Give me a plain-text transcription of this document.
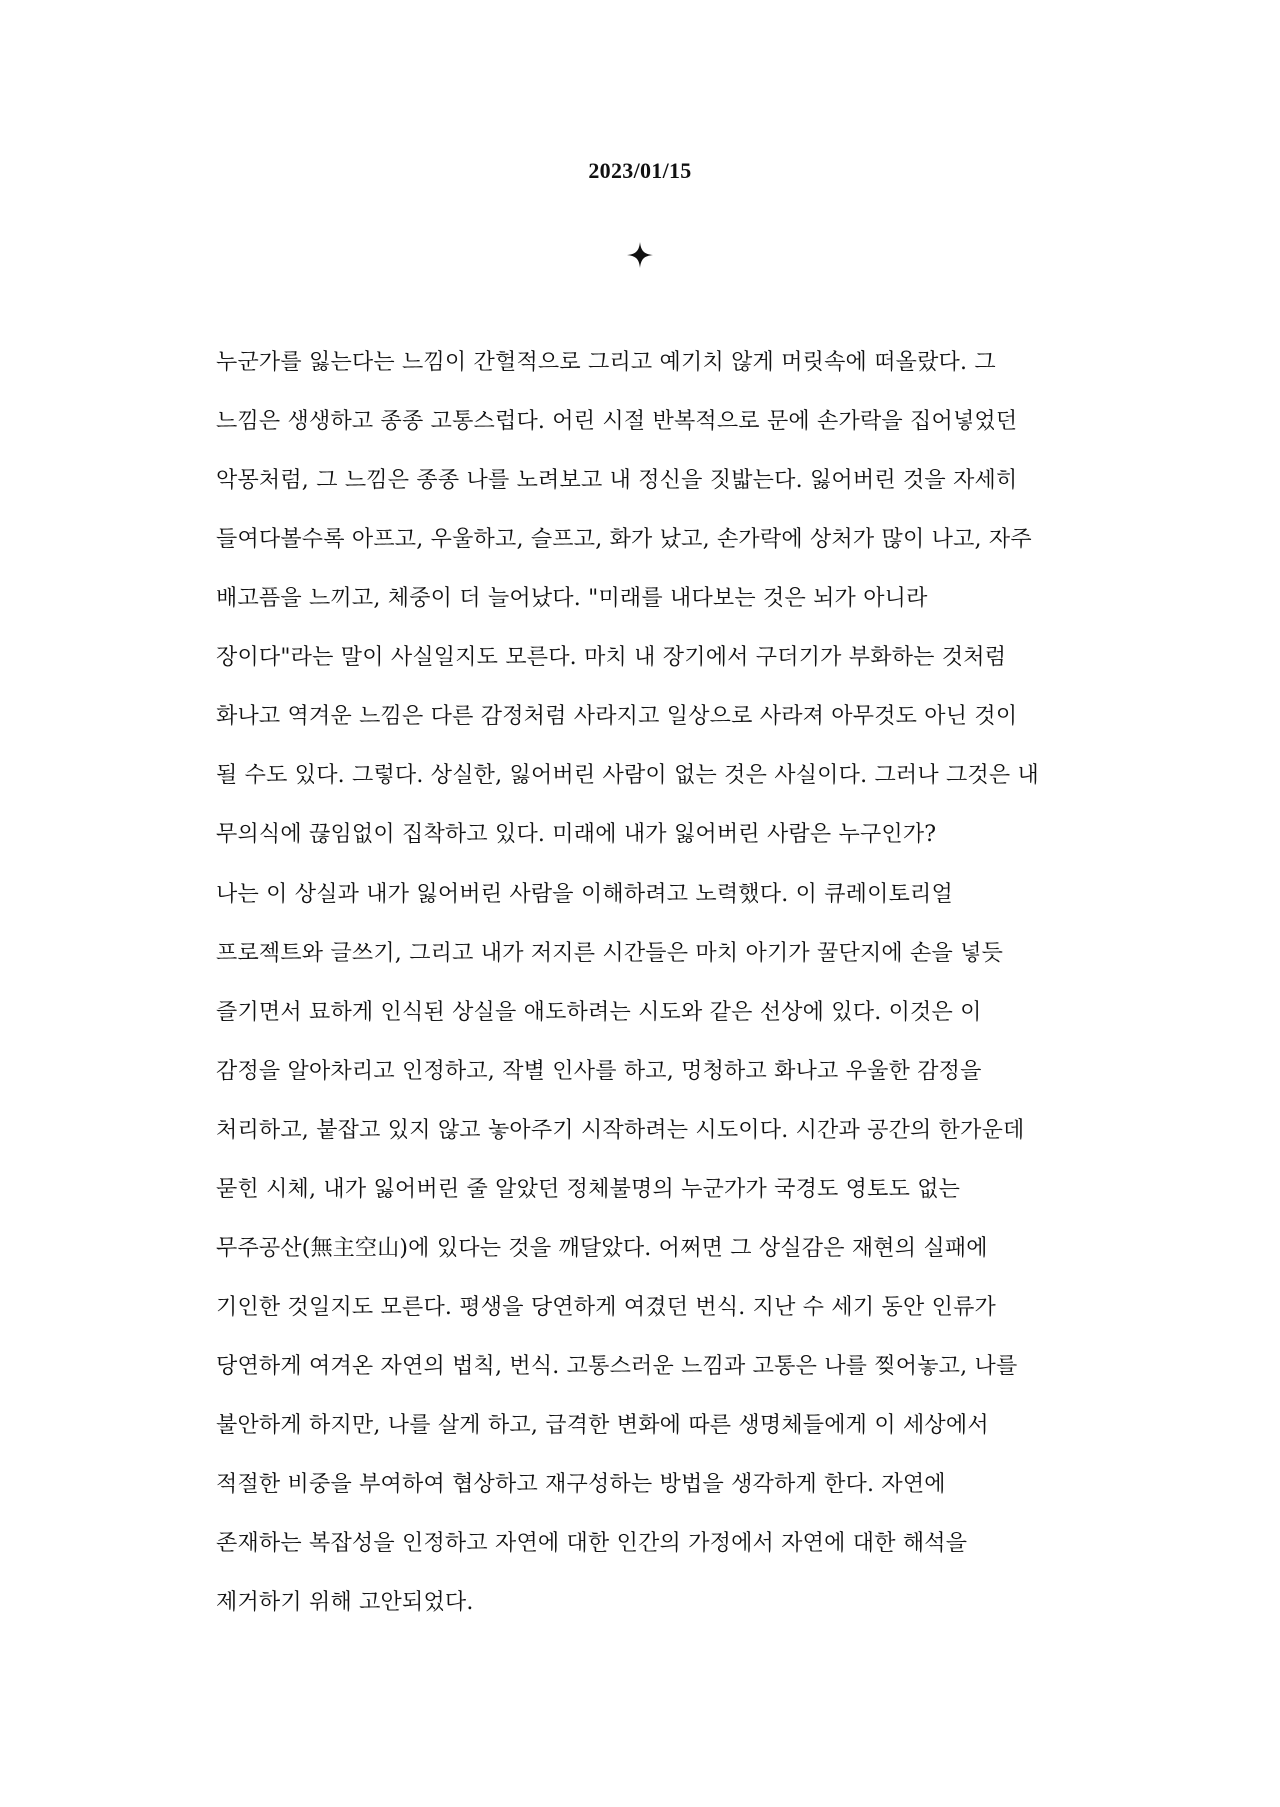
2023/01/15
누군가를 잃는다는 느낌이 간헐적으로 그리고 예기치 않게 머릿속에 떠올랐다. 그
느낌은 생생하고 종종 고통스럽다. 어린 시절 반복적으로 문에 손가락을 집어넣었던
악몽처럼, 그 느낌은 종종 나를 노려보고 내 정신을 짓밟는다. 잃어버린 것을 자세히
들여다볼수록 아프고, 우울하고, 슬프고, 화가 났고, 손가락에 상처가 많이 나고, 자주
배고픔을 느끼고, 체중이 더 늘어났다. "미래를 내다보는 것은 뇌가 아니라
장이다"라는 말이 사실일지도 모른다. 마치 내 장기에서 구더기가 부화하는 것처럼
화나고 역겨운 느낌은 다른 감정처럼 사라지고 일상으로 사라져 아무것도 아닌 것이
될 수도 있다. 그렇다. 상실한, 잃어버린 사람이 없는 것은 사실이다. 그러나 그것은 내
무의식에 끊임없이 집착하고 있다. 미래에 내가 잃어버린 사람은 누구인가?
나는 이 상실과 내가 잃어버린 사람을 이해하려고 노력했다. 이 큐레이토리얼
프로젝트와 글쓰기, 그리고 내가 저지른 시간들은 마치 아기가 꿀단지에 손을 넣듯
즐기면서 묘하게 인식된 상실을 애도하려는 시도와 같은 선상에 있다. 이것은 이
감정을 알아차리고 인정하고, 작별 인사를 하고, 멍청하고 화나고 우울한 감정을
처리하고, 붙잡고 있지 않고 놓아주기 시작하려는 시도이다. 시간과 공간의 한가운데
묻힌 시체, 내가 잃어버린 줄 알았던 정체불명의 누군가가 국경도 영토도 없는
무주공산(無主空山)에 있다는 것을 깨달았다. 어쩌면 그 상실감은 재현의 실패에
기인한 것일지도 모른다. 평생을 당연하게 여겼던 번식. 지난 수 세기 동안 인류가
당연하게 여겨온 자연의 법칙, 번식. 고통스러운 느낌과 고통은 나를 찢어놓고, 나를
불안하게 하지만, 나를 살게 하고, 급격한 변화에 따른 생명체들에게 이 세상에서
적절한 비중을 부여하여 협상하고 재구성하는 방법을 생각하게 한다. 자연에
존재하는 복잡성을 인정하고 자연에 대한 인간의 가정에서 자연에 대한 해석을
제거하기 위해 고안되었다.
